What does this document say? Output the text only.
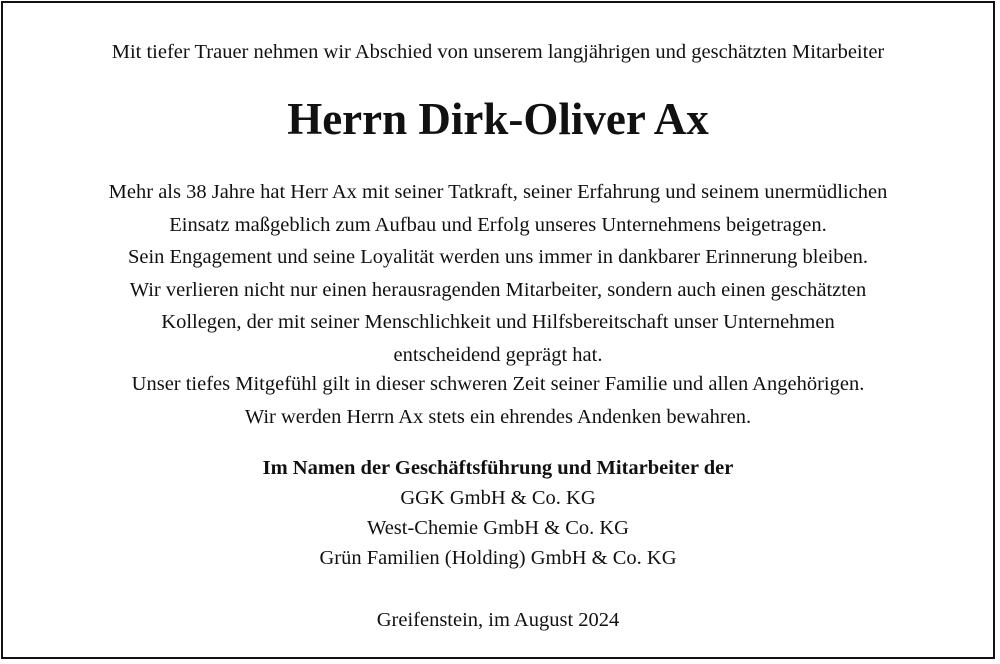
Mit tiefer Trauer nehmen wir Abschied von unserem langjährigen und geschätzten Mitarbeiter
Herrn Dirk-Oliver Ax
Mehr als 38 Jahre hat Herr Ax mit seiner Tatkraft, seiner Erfahrung und seinem unermüdlichen
Einsatz maßgeblich zum Aufbau und Erfolg unseres Unternehmens beigetragen.
Sein Engagement und seine Loyalität werden uns immer in dankbarer Erinnerung bleiben.
Wir verlieren nicht nur einen herausragenden Mitarbeiter, sondern auch einen geschätzten
Kollegen, der mit seiner Menschlichkeit und Hilfsbereitschaft unser Unternehmen
entscheidend geprägt hat.
Unser tiefes Mitgefühl gilt in dieser schweren Zeit seiner Familie und allen Angehörigen.
Wir werden Herrn Ax stets ein ehrendes Andenken bewahren.
Im Namen der Geschäftsführung und Mitarbeiter der
GGK GmbH & Co. KG
West-Chemie GmbH & Co. KG
Grün Familien (Holding) GmbH & Co. KG
Greifenstein, im August 2024
